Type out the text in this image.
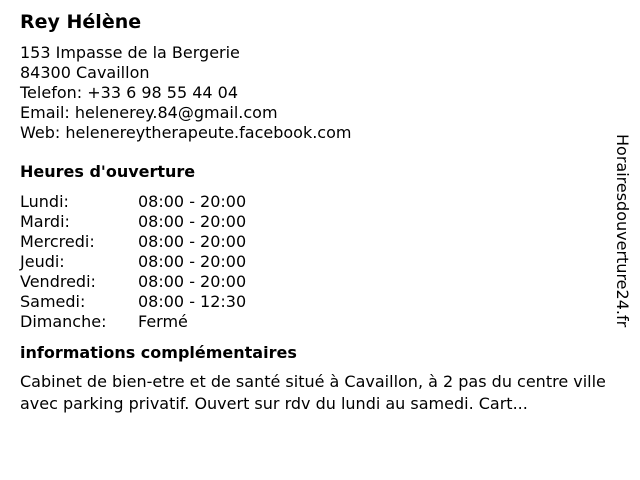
Rey Hélène
153 Impasse de la Bergerie
84300 Cavaillon
Telefon: +33 6 98 55 44 04
Email: helenerey.84@gmail.com
Web: helenereytherapeute.facebook.com
Heures d'ouverture
Lundi:	08:00 - 20:00
Mardi:	08:00 - 20:00
Mercredi:	08:00 - 20:00
Jeudi:	08:00 - 20:00
Vendredi:	08:00 - 20:00
Samedi:	08:00 - 12:30
Dimanche:	Fermé
informations complémentaires
Cabinet de bien-etre et de santé situé à Cavaillon, à 2 pas du centre ville avec parking privatif. Ouvert sur rdv du lundi au samedi. Cart...
Horairesdouverture24.fr
